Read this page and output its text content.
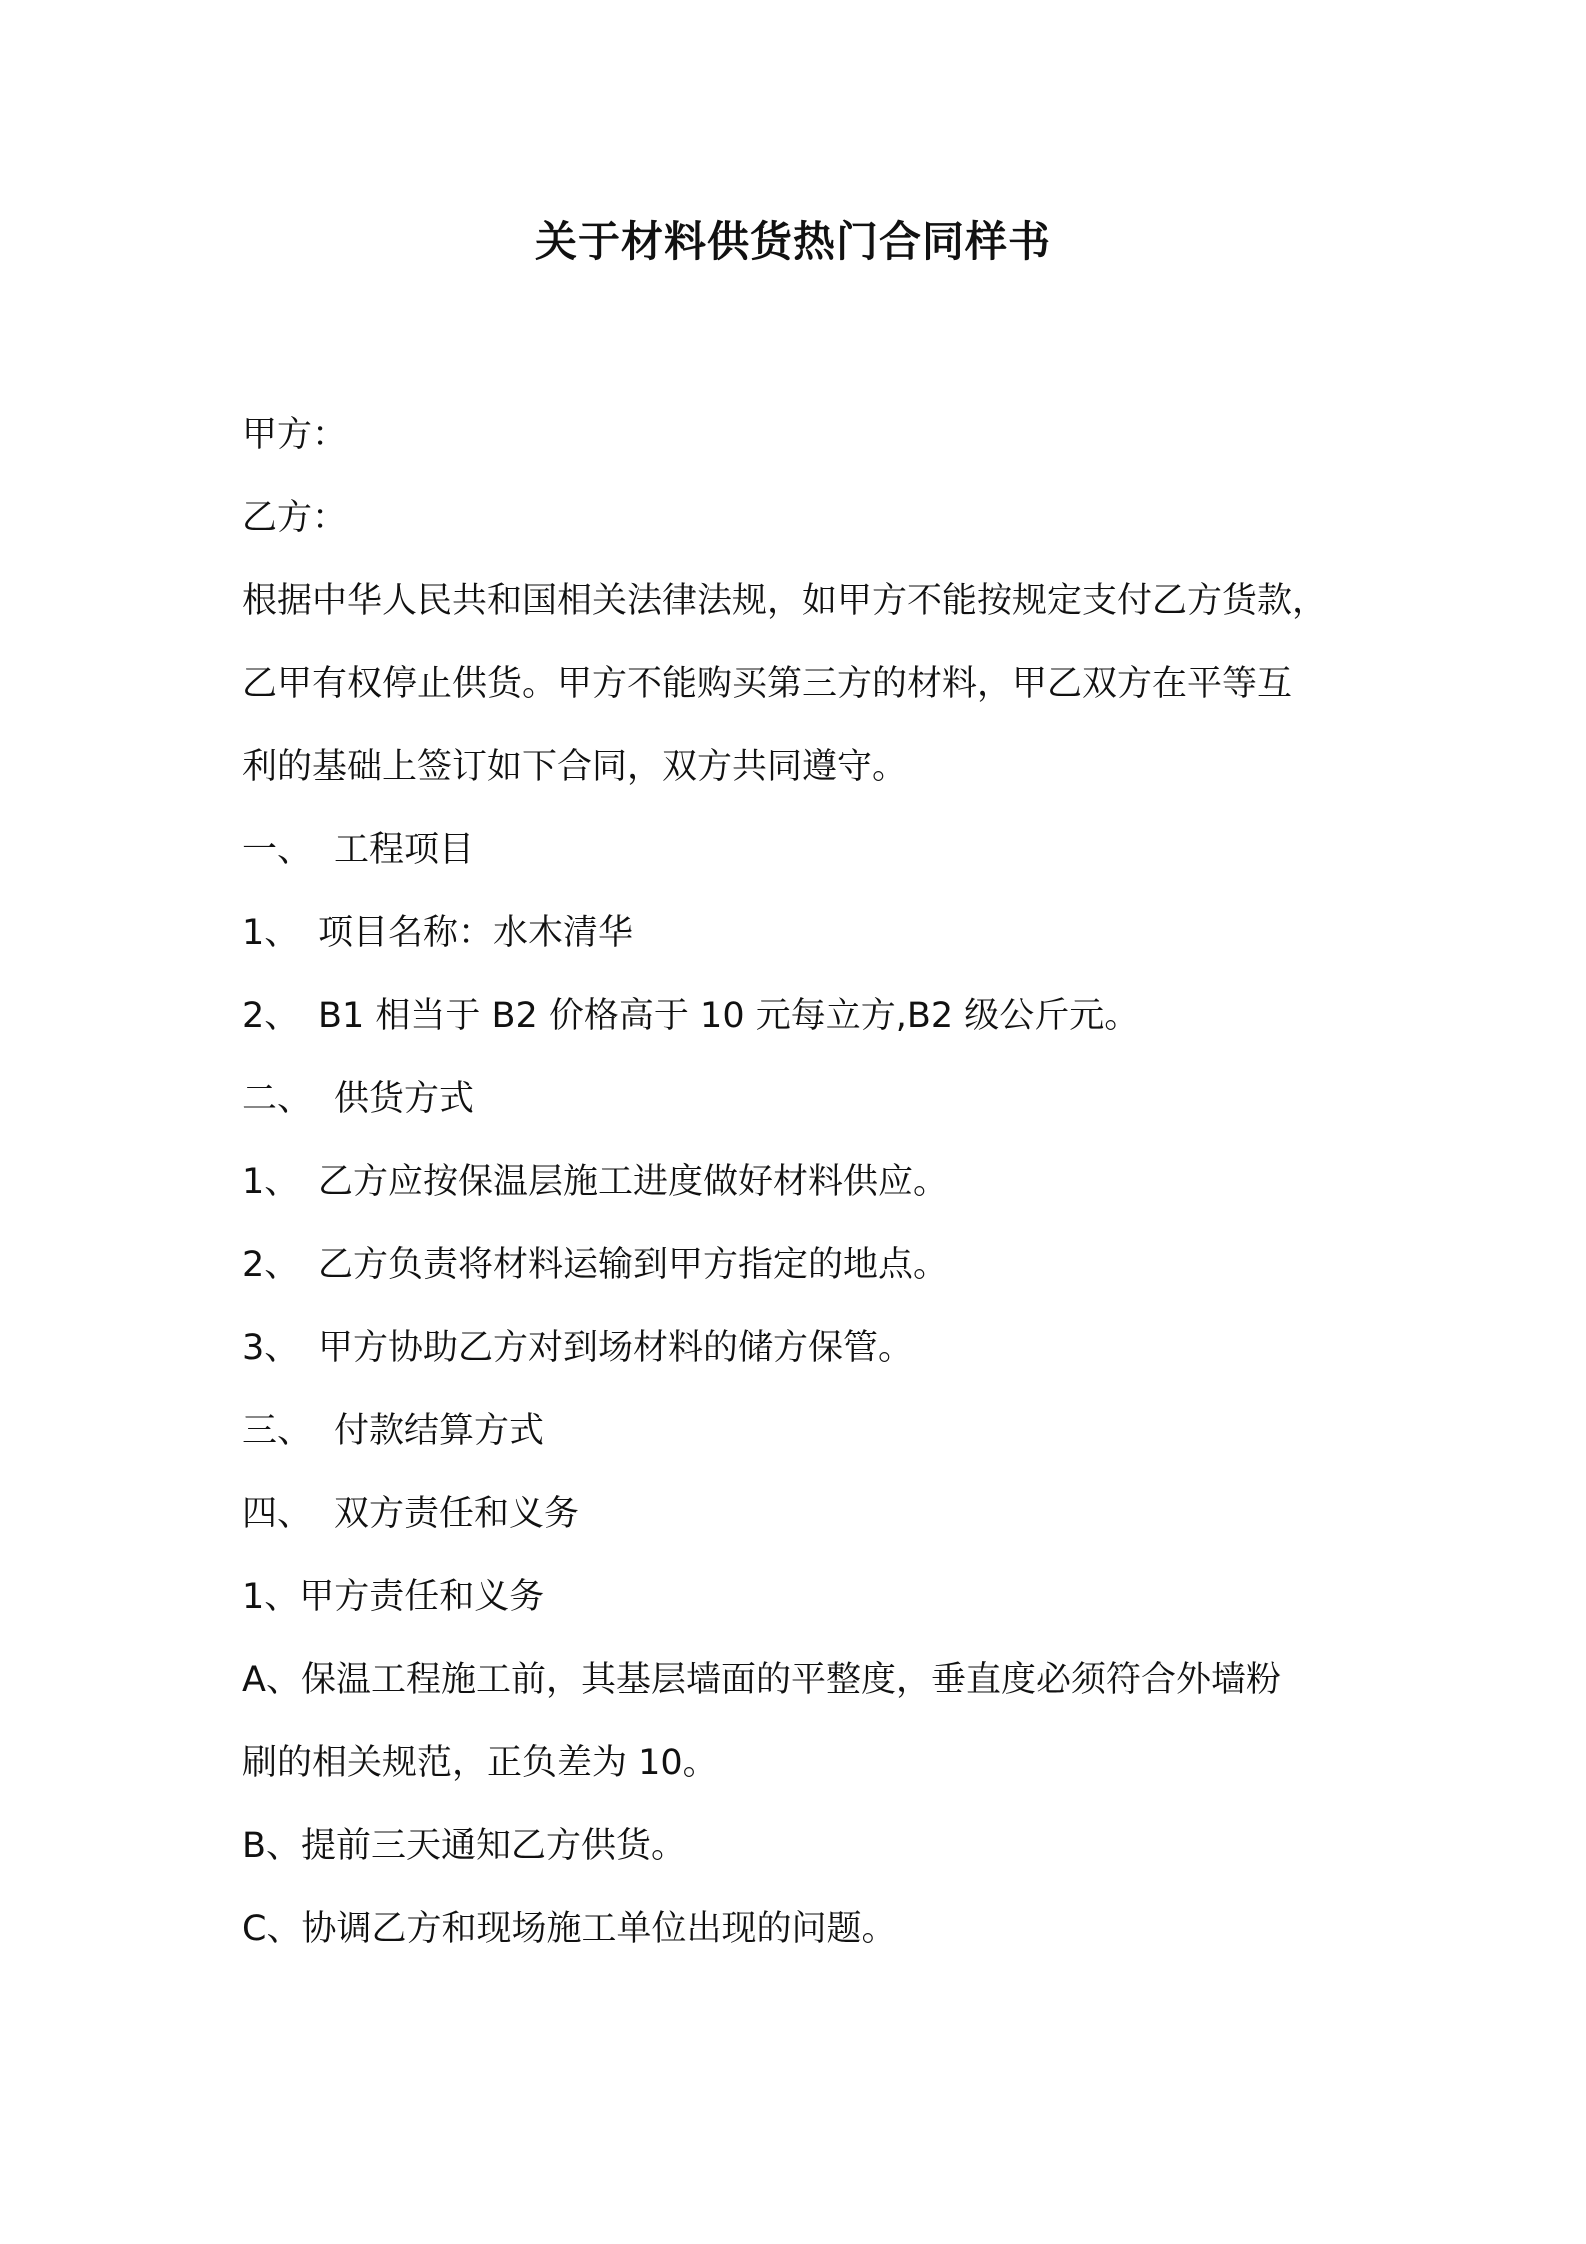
关于材料供货热门合同样书

甲方：

乙方：

根据中华人民共和国相关法律法规，如甲方不能按规定支付乙方货款，

乙甲有权停止供货。甲方不能购买第三方的材料，甲乙双方在平等互

利的基础上签订如下合同，双方共同遵守。

一、 工程项目

1、 项目名称：水木清华

2、 B1 相当于 B2 价格高于 10 元每立方,B2 级公斤元。

二、 供货方式

1、 乙方应按保温层施工进度做好材料供应。

2、 乙方负责将材料运输到甲方指定的地点。

3、 甲方协助乙方对到场材料的储方保管。

三、 付款结算方式

四、 双方责任和义务

1、甲方责任和义务

A、保温工程施工前，其基层墙面的平整度，垂直度必须符合外墙粉

刷的相关规范，正负差为 10。

B、提前三天通知乙方供货。

C、协调乙方和现场施工单位出现的问题。
